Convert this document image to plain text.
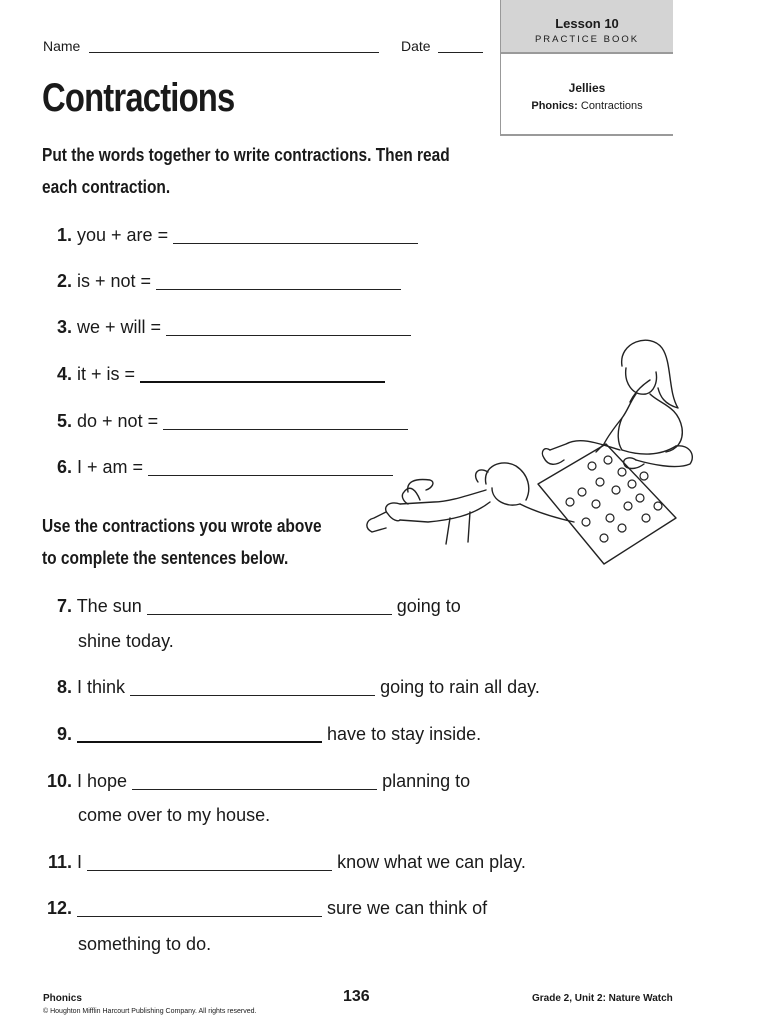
Name	Date
Lesson 10
PRACTICE BOOK
Jellies
Phonics: Contractions
Contractions
Put the words together to write contractions. Then read
each contraction.
1. you + are =
2. is + not =
3. we + will =
4. it + is =
5. do + not =
6. I + am =
Use the contractions you wrote above
to complete the sentences below.
7. The sun	going to
shine today.
8. I think	going to rain all day.
9.	have to stay inside.
10. I hope	planning to
come over to my house.
11. I	know what we can play.
12.	sure we can think of
something to do.
Phonics
© Houghton Mifflin Harcourt Publishing Company. All rights reserved.
136	Grade 2, Unit 2: Nature Watch
